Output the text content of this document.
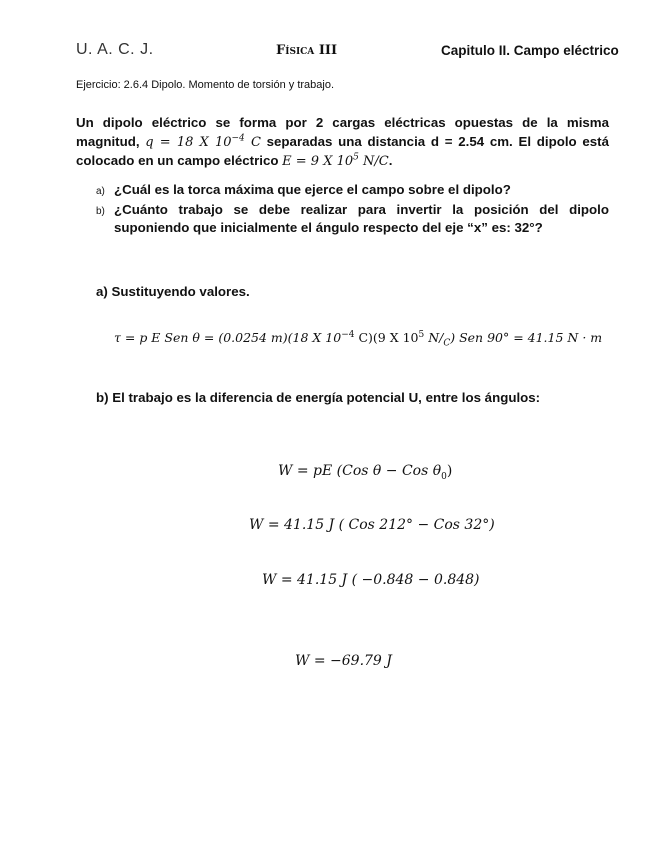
U. A. C. J.	Física III	Capitulo II. Campo eléctrico
Ejercicio: 2.6.4 Dipolo. Momento de torsión y trabajo.
Un dipolo eléctrico se forma por 2 cargas eléctricas opuestas de la misma magnitud, q = 18 X $10^{-4}$ C separadas una distancia d = 2.54 cm. El dipolo está colocado en un campo eléctrico E = 9 X $10^5$ N/C.
a) ¿Cuál es la torca máxima que ejerce el campo sobre el dipolo?
b) ¿Cuánto trabajo se debe realizar para invertir la posición del dipolo suponiendo que inicialmente el ángulo respecto del eje “x” es: 32°?
a) Sustituyendo valores.
τ = p E Sen θ = (0.0254 m)(18 X $10^{-4}$ C)(9 X $10^5$ $N/_C$) Sen 90° = 41.15 N · m
b) El trabajo es la diferencia de energía potencial U, entre los ángulos:
W = pE (Cos θ − Cos $\theta_0$)
W = 41.15 J ( Cos 212° − Cos 32°)
W = 41.15 J ( −0.848 − 0.848)
W = −69.79 J
